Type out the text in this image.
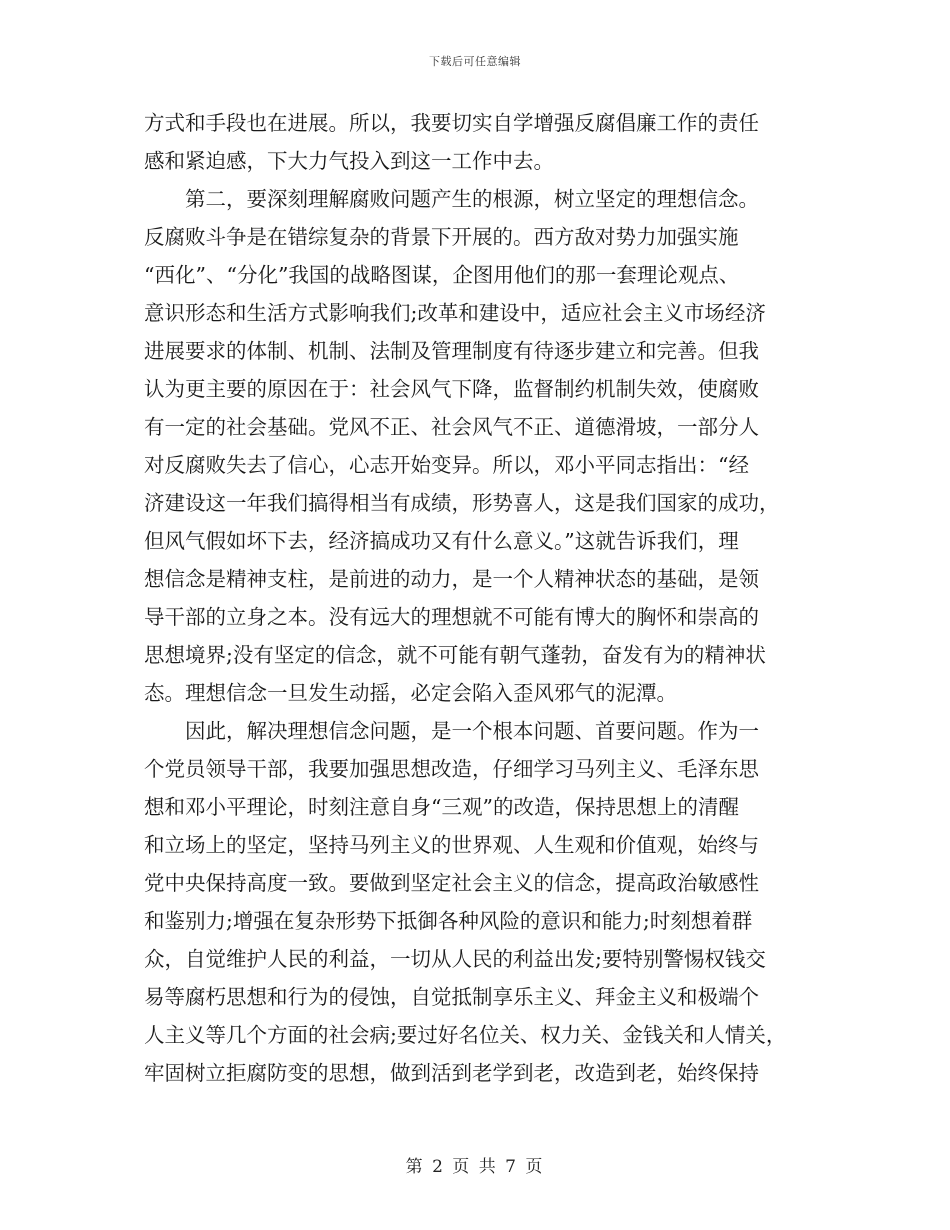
下载后可任意编辑
方式和手段也在进展。所以，我要切实自学增强反腐倡廉工作的责任
感和紧迫感，下大力气投入到这一工作中去。
　　第二，要深刻理解腐败问题产生的根源，树立坚定的理想信念。
反腐败斗争是在错综复杂的背景下开展的。西方敌对势力加强实施
“西化”、“分化”我国的战略图谋，企图用他们的那一套理论观点、
意识形态和生活方式影响我们;改革和建设中，适应社会主义市场经济
进展要求的体制、机制、法制及管理制度有待逐步建立和完善。但我
认为更主要的原因在于：社会风气下降，监督制约机制失效，使腐败
有一定的社会基础。党风不正、社会风气不正、道德滑坡，一部分人
对反腐败失去了信心，心志开始变异。所以，邓小平同志指出：“经
济建设这一年我们搞得相当有成绩，形势喜人，这是我们国家的成功，
但风气假如坏下去，经济搞成功又有什么意义。”这就告诉我们，理
想信念是精神支柱，是前进的动力，是一个人精神状态的基础，是领
导干部的立身之本。没有远大的理想就不可能有博大的胸怀和崇高的
思想境界;没有坚定的信念，就不可能有朝气蓬勃，奋发有为的精神状
态。理想信念一旦发生动摇，必定会陷入歪风邪气的泥潭。
　　因此，解决理想信念问题，是一个根本问题、首要问题。作为一
个党员领导干部，我要加强思想改造，仔细学习马列主义、毛泽东思
想和邓小平理论，时刻注意自身“三观”的改造，保持思想上的清醒
和立场上的坚定，坚持马列主义的世界观、人生观和价值观，始终与
党中央保持高度一致。要做到坚定社会主义的信念，提高政治敏感性
和鉴别力;增强在复杂形势下抵御各种风险的意识和能力;时刻想着群
众，自觉维护人民的利益，一切从人民的利益出发;要特别警惕权钱交
易等腐朽思想和行为的侵蚀，自觉抵制享乐主义、拜金主义和极端个
人主义等几个方面的社会病;要过好名位关、权力关、金钱关和人情关，
牢固树立拒腐防变的思想，做到活到老学到老，改造到老，始终保持
第 2 页 共 7 页
